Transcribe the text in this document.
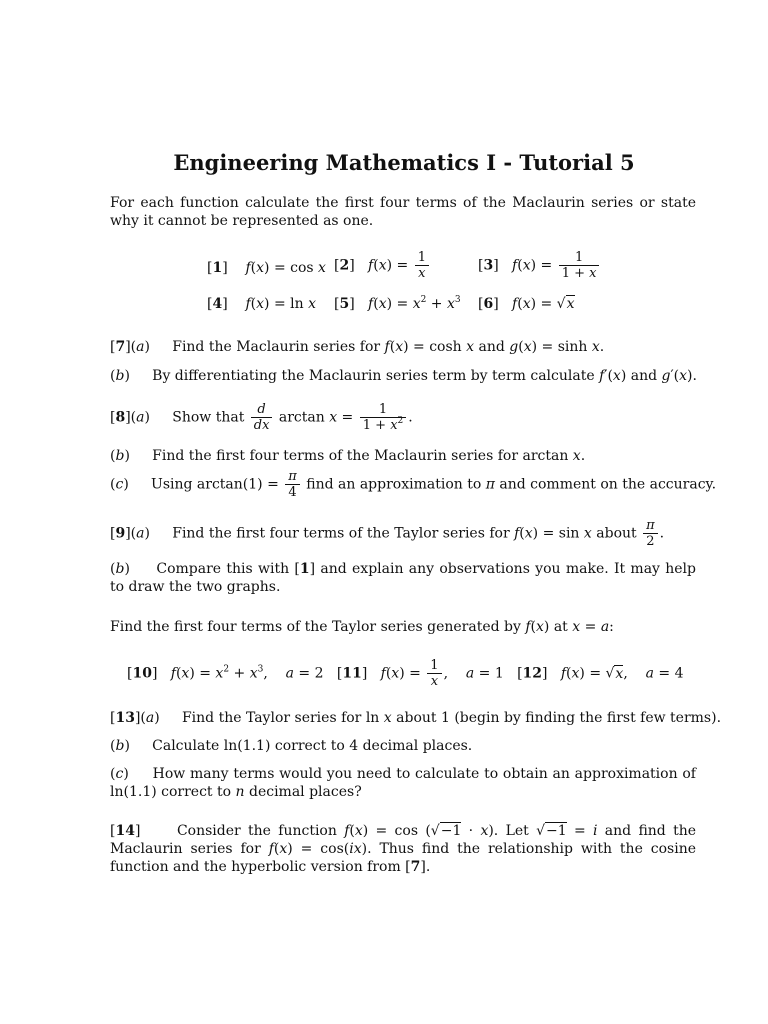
Engineering Mathematics I - Tutorial 5
For each function calculate the first four terms of the Maclaurin series or state why it cannot be represented as one.
[1]    f(x) = cos x [2]   $f(x) = \frac{1}{x}$	[3]   $f(x) = \frac{1}{1 + x}$
[4]    f(x) = ln x [5]   $f(x) = x^2 + x^3$ [6]   f(x) = √x
[7](a)     Find the Maclaurin series for f(x) = cosh x and g(x) = sinh x.
(b)     By differentiating the Maclaurin series term by term calculate f′(x) and g′(x).
[8](a)     Show that $\frac{d}{dx}$ $\arctan x = \frac{1}{1 + x^2}$ .
(b)     Find the first four terms of the Maclaurin series for arctan x.
(c)     Using $\arctan(1) = \frac{\pi}{4}$ find an approximation to π and comment on the accuracy.
[9](a)     Find the first four terms of the Taylor series for f(x) = sin x about $\frac{\pi}{2}$ .
(b)     Compare this with [1] and explain any observations you make. It may help to draw the two graphs.
Find the first four terms of the Taylor series generated by f(x) at x = a:
[10]   $f(x) = x^2 + x^3$,    a = 2   [11]   $f(x) = \frac{1}{x}$ ,    a = 1   [12]   f(x) = √x,    a = 4
[13](a)     Find the Taylor series for ln x about 1 (begin by finding the first few terms).
(b)     Calculate ln(1.1) correct to 4 decimal places.
(c)     How many terms would you need to calculate to obtain an approximation of ln(1.1) correct to n decimal places?
[14]     Consider the function f(x) = cos (√−1 · x). Let √−1 = i and find the Maclaurin series for f(x) = cos(ix). Thus find the relationship with the cosine function and the hyperbolic version from [7].
